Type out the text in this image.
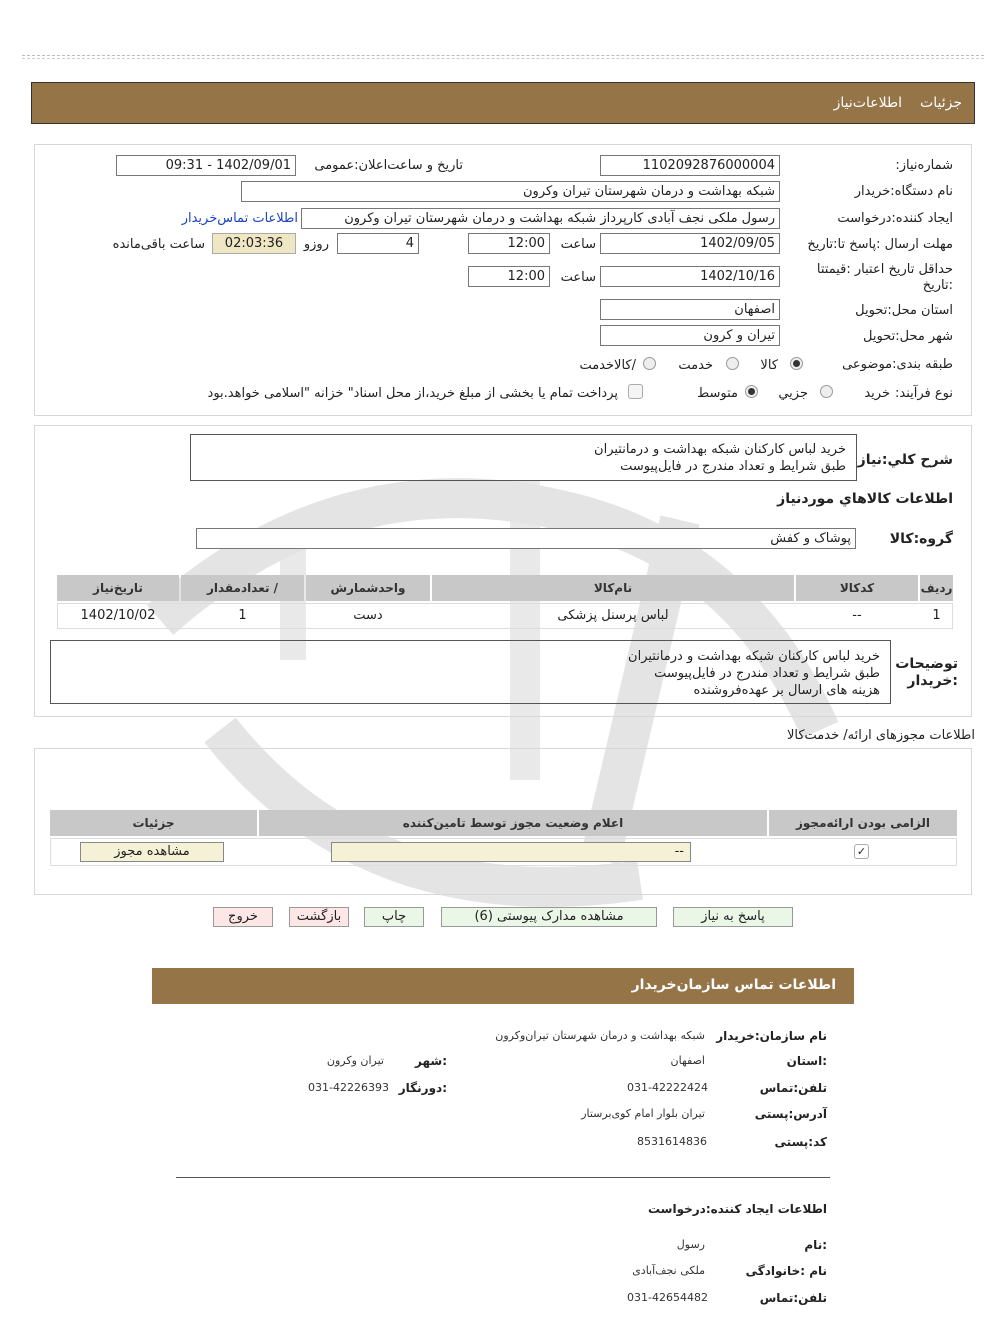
جزئیات
اطلاعات‌نیاز
شماره‌نیاز:
1102092876000004
تاریخ و ساعت‌اعلان:عمومی
1402/09/01 - 09:31
نام دستگاه:خریدار
شبکه بهداشت و درمان شهرستان تیران وکرون
ایجاد کننده:درخواست
رسول ملکی نجف آبادی کارپرداز شبکه بهداشت و درمان شهرستان تیران وکرون
اطلاعات تماس‌خریدار
مهلت ارسال :پاسخ تا:تاریخ
1402/09/05
ساعت
12:00
4
روزو
02:03:36
ساعت باقی‌مانده
حداقل تاریخ اعتبار :قیمتتا :تاریخ
1402/10/16
ساعت
12:00
استان محل:تحویل
اصفهان
شهر محل:تحویل
تیران و کرون
طبقه بندی:موضوعی
کالا
خدمت
/کالاخدمت
نوع فرآیند:
خرید
جزیي
متوسط
پرداخت تمام یا بخشی از مبلغ خرید،از محل اسناد" خزانه "اسلامی خواهد.بود
شرح کلي:نیاز
خرید لباس کارکنان شبکه بهداشت و درمانتیران
طبق شرایط و تعداد مندرج در فایل‌پیوست
اطلاعات کالاهاي موردنیاز
گروه:کالا
پوشاک و کفش
ردیف
کدکالا
نام‌کالا
واحدشمارش
/ تعدادمقدار
تاریخ‌نیاز
1
--
لباس پرسنل پزشکی
دست
1
1402/10/02
توضیحات :خریدار
خرید لباس کارکنان شبکه بهداشت و درمانتیران
طبق شرایط و تعداد مندرج در فایل‌پیوست
هزینه های ارسال بر عهده‌فروشنده
اطلاعات مجوزهای ارائه/ خدمت‌کالا
الزامی بودن ارائه‌مجوز
اعلام وضعیت مجوز توسط تامین‌کننده
جزئیات
✓
--
مشاهده مجوز
پاسخ به نیاز
مشاهده مدارک پیوستی (6)
چاپ
بازگشت
خروج
اطلاعات تماس سازمان‌خریدار
نام سازمان:خریدار
شبکه بهداشت و درمان شهرستان تیران‌وکرون
:استان
اصفهان
:شهر
تیران وکرون
تلفن:تماس
031-42222424
:دورنگار
031-42226393
آدرس:پستی
تیران بلوار امام کوی‌برستار
کد:پستی
8531614836
اطلاعات ایجاد کننده:درخواست
:نام
رسول
نام :خانوادگی
ملکی نجف‌آبادی
تلفن:تماس
031-42654482
